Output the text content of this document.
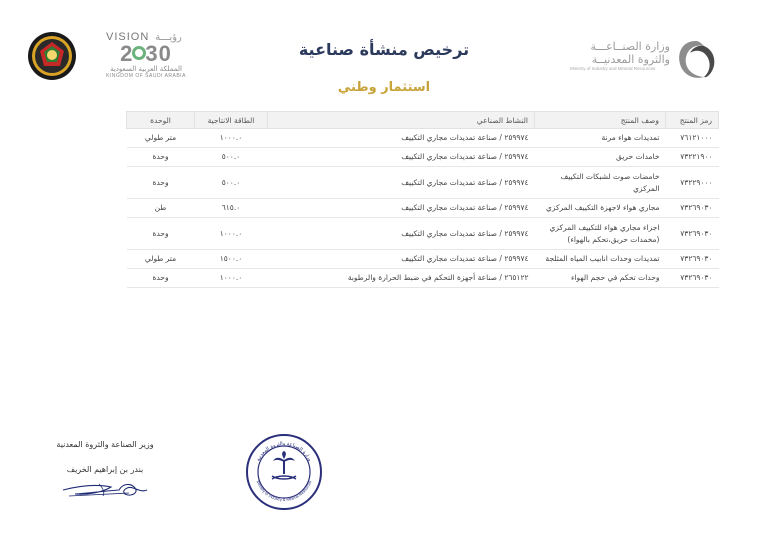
VISION رؤيـــة
2 30
المملكة العربية السعودية
KINGDOM OF SAUDI ARABIA
ترخيص منشأة صناعية
استثمار وطني
وزارة الصنــاعـــة
والثروة المعدنيــة
Ministry of Industry and Mineral Resources
رمز المنتج	وصف المنتج	النشاط الصناعي	الطاقة الانتاجية	الوحدة
٧٦١٢١٠٠٠	تمديدات هواء مرنة	٢٥٩٩٧٤ / صناعة تمديدات مجاري التكييف	١٠٠٠.٠	متر طولي
٧٣٢٢١٩٠٠	خامدات حريق	٢٥٩٩٧٤ / صناعة تمديدات مجاري التكييف	٥٠٠.٠	وحدة
٧٣٢٢٩٠٠٠	خامضات صوت لشبكات التكييف المركزي	٢٥٩٩٧٤ / صناعة تمديدات مجاري التكييف	٥٠٠.٠	وحدة
٧٣٢٦٩٠٣٠	مجاري هواء لاجهزة التكييف المركزي	٢٥٩٩٧٤ / صناعة تمديدات مجاري التكييف	٦١٥.٠	طن
٧٣٢٦٩٠٣٠	اجزاء مجاري هواء للتكييف المركزي (مخمدات حريق،تحكم بالهواء)	٢٥٩٩٧٤ / صناعة تمديدات مجاري التكييف	١٠٠٠.٠	وحدة
٧٣٢٦٩٠٣٠	تمديدات وحدات انابيب المياه المثلجة	٢٥٩٩٧٤ / صناعة تمديدات مجاري التكييف	١٥٠٠.٠	متر طولي
٧٣٢٦٩٠٣٠	وحدات تحكم في حجم الهواء	٢٦٥١٢٢ / صناعة أجهزة التحكم في ضبط الحرارة والرطوبة	١٠٠٠.٠	وحدة
وزير الصناعة والثروة المعدنية
بندر بن إبراهيم الخريف
وزارة الصناعة والثروة المعدنية
Ministry of Industry & Mineral Resources
